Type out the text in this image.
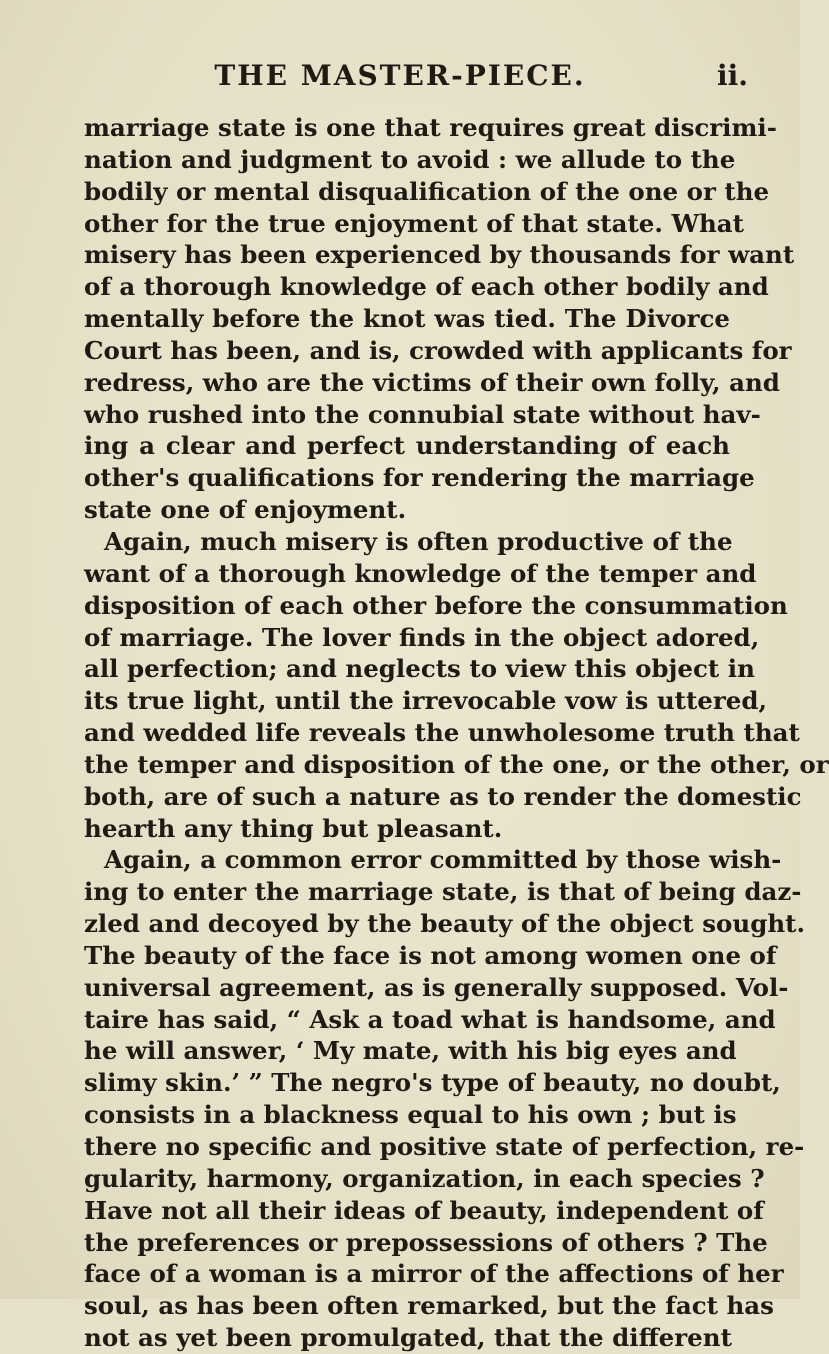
THE MASTER-PIECE.	ii.
marriage state is one that requires great discrimi-
nation and judgment to avoid : we allude to the
bodily or mental disqualification of the one or the
other for the true enjoyment of that state. What
misery has been experienced by thousands for want
of a thorough knowledge of each other bodily and
mentally before the knot was tied. The Divorce
Court has been, and is, crowded with applicants for
redress, who are the victims of their own folly, and
who rushed into the connubial state without hav-
ing a clear and perfect understanding of each
other's qualifications for rendering the marriage
state one of enjoyment.
Again, much misery is often productive of the
want of a thorough knowledge of the temper and
disposition of each other before the consummation
of marriage. The lover finds in the object adored,
all perfection; and neglects to view this object in
its true light, until the irrevocable vow is uttered,
and wedded life reveals the unwholesome truth that
the temper and disposition of the one, or the other, or
both, are of such a nature as to render the domestic
hearth any thing but pleasant.
Again, a common error committed by those wish-
ing to enter the marriage state, is that of being daz-
zled and decoyed by the beauty of the object sought.
The beauty of the face is not among women one of
universal agreement, as is generally supposed. Vol-
taire has said, “ Ask a toad what is handsome, and
he will answer, ‘ My mate, with his big eyes and
slimy skin.’ ” The negro's type of beauty, no doubt,
consists in a blackness equal to his own ; but is
there no specific and positive state of perfection, re-
gularity, harmony, organization, in each species ?
Have not all their ideas of beauty, independent of
the preferences or prepossessions of others ? The
face of a woman is a mirror of the affections of her
soul, as has been often remarked, but the fact has
not as yet been promulgated, that the different
